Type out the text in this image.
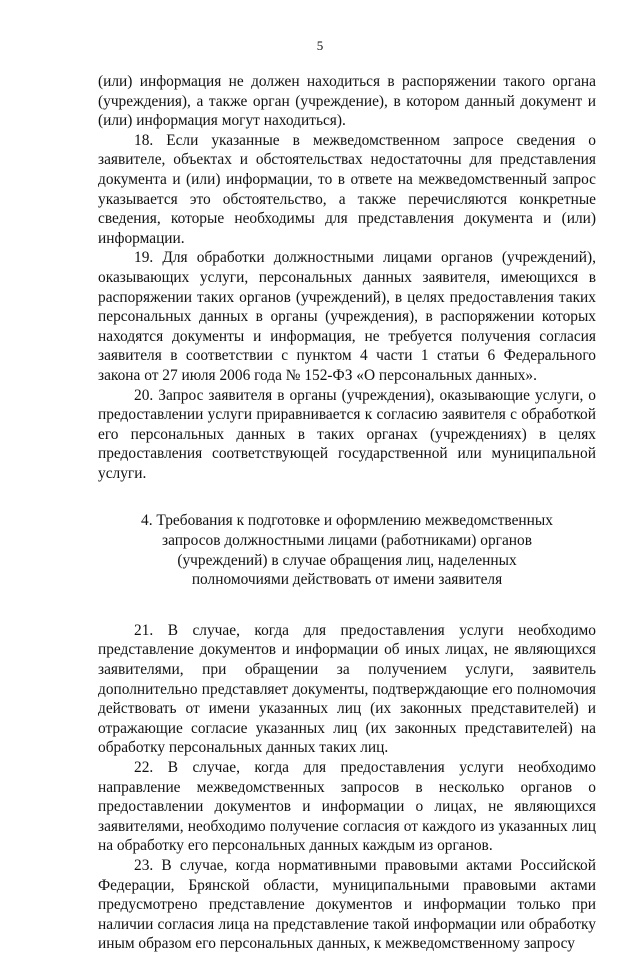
5

(или) информация не должен находиться в распоряжении такого органа (учреждения), а также орган (учреждение), в котором данный документ и (или) информация могут находиться).

18. Если указанные в межведомственном запросе сведения о заявителе, объектах и обстоятельствах недостаточны для представления документа и (или) информации, то в ответе на межведомственный запрос указывается это обстоятельство, а также перечисляются конкретные сведения, которые необходимы для представления документа и (или) информации.

19. Для обработки должностными лицами органов (учреждений), оказывающих услуги, персональных данных заявителя, имеющихся в распоряжении таких органов (учреждений), в целях предоставления таких персональных данных в органы (учреждения), в распоряжении которых находятся документы и информация, не требуется получения согласия заявителя в соответствии с пунктом 4 части 1 статьи 6 Федерального закона от 27 июля 2006 года № 152-ФЗ «О персональных данных».

20. Запрос заявителя в органы (учреждения), оказывающие услуги, о предоставлении услуги приравнивается к согласию заявителя с обработкой его персональных данных в таких органах (учреждениях) в целях предоставления соответствующей государственной или муниципальной услуги.

4. Требования к подготовке и оформлению межведомственных
запросов должностными лицами (работниками) органов
(учреждений) в случае обращения лиц, наделенных
полномочиями действовать от имени заявителя

21. В случае, когда для предоставления услуги необходимо представление документов и информации об иных лицах, не являющихся заявителями, при обращении за получением услуги, заявитель дополнительно представляет документы, подтверждающие его полномочия действовать от имени указанных лиц (их законных представителей) и отражающие согласие указанных лиц (их законных представителей) на обработку персональных данных таких лиц.

22. В случае, когда для предоставления услуги необходимо направление межведомственных запросов в несколько органов о предоставлении документов и информации о лицах, не являющихся заявителями, необходимо получение согласия от каждого из указанных лиц на обработку его персональных данных каждым из органов.

23. В случае, когда нормативными правовыми актами Российской Федерации, Брянской области, муниципальными правовыми актами предусмотрено представление документов и информации только при наличии согласия лица на представление такой информации или обработку иным образом его персональных данных, к межведомственному запросу
